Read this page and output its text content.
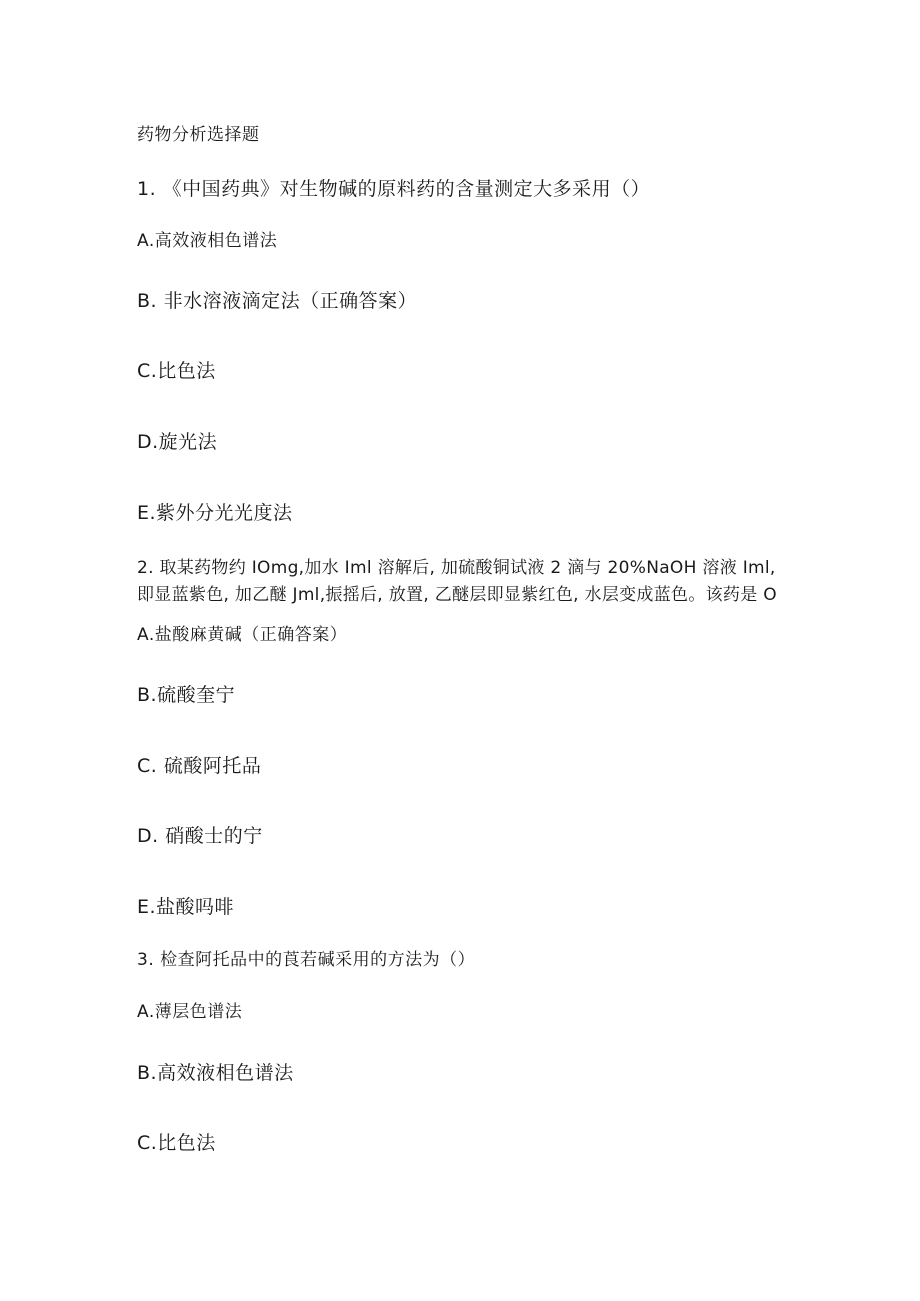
药物分析选择题
1. 《中国药典》对生物碱的原料药的含量测定大多采用（）
A.高效液相色谱法
B. 非水溶液滴定法（正确答案）
C.比色法
D.旋光法
E.紫外分光光度法
2. 取某药物约 IOmg,加水 Iml 溶解后, 加硫酸铜试液 2 滴与 20%NaOH 溶液 Iml, 即显蓝紫色, 加乙醚 Jml,振摇后, 放置, 乙醚层即显紫红色, 水层变成蓝色。该药是 O
A.盐酸麻黄碱（正确答案）
B.硫酸奎宁
C. 硫酸阿托品
D. 硝酸士的宁
E.盐酸吗啡
3. 检查阿托品中的莨若碱采用的方法为（）
A.薄层色谱法
B.高效液相色谱法
C.比色法
